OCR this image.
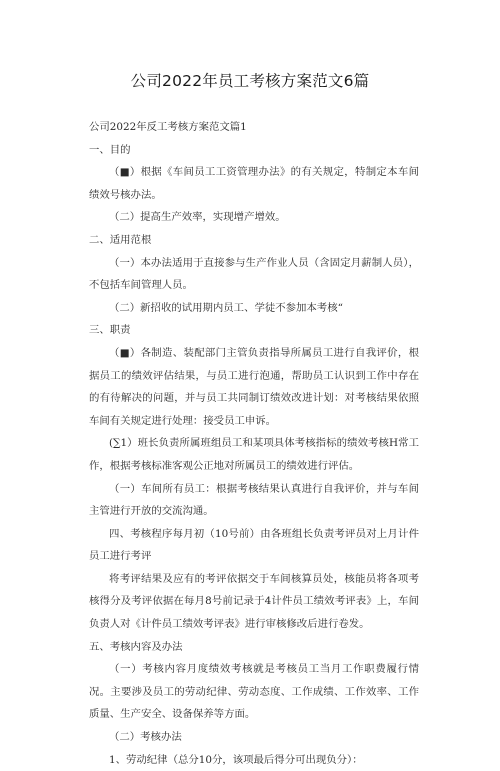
公司2022年员工考核方案范文6篇

公司2022年反工考核方案范文篇1

一、目的

（■）根据《车间员工工资管理办法》的有关规定，特制定本车间绩效号核办法。

（二）提高生产效率，实现增产增效。

二、适用范根

（一）本办法适用于直接参与生产作业人员（含固定月薪制人员），不包括车间管理人员。

（二）新招收的试用期内员工、学徒不参加本考核“

三、职责

（■）各制造、装配部门主管负责指导所属员工进行自我评价，根据员工的绩效评估结果，与员工进行泡通，帮助员工认识到工作中存在的有待解决的问题，并与员工共同制订绩效改进计划：对考核结果依照车间有关规定进行处理：接受员工申诉。

(∑1）班长负责所属班组员工和某项具体考核指标的绩效考核H常工作，根据考核标准客观公正地对所属员工的绩效进行评估。

（一）车间所有员工：根据考核结果认真进行自我评价，并与车间主管进行开放的交流沟通。

四、考核程序每月初（10号前）由各班组长负责考评员对上月计件员工进行考评

将考评结果及应有的考评依据交于车间核算员处，核能员将各项考核得分及考评依据在每月8号前记录于4计件员工绩效考评表》上，车间负责人对《计件员工绩效考评表》进行审核修改后进行卷发。

五、考核内容及办法

（一）考核内容月度绩效考核就是考核员工当月工作职费履行情况。主要涉及员工的劳动纪律、劳动态度、工作成绩、工作效率、工作质量、生产安全、设备保养等方面。

（二）考核办法

1、劳动纪律（总分10分，该项最后得分可出现负分）：
